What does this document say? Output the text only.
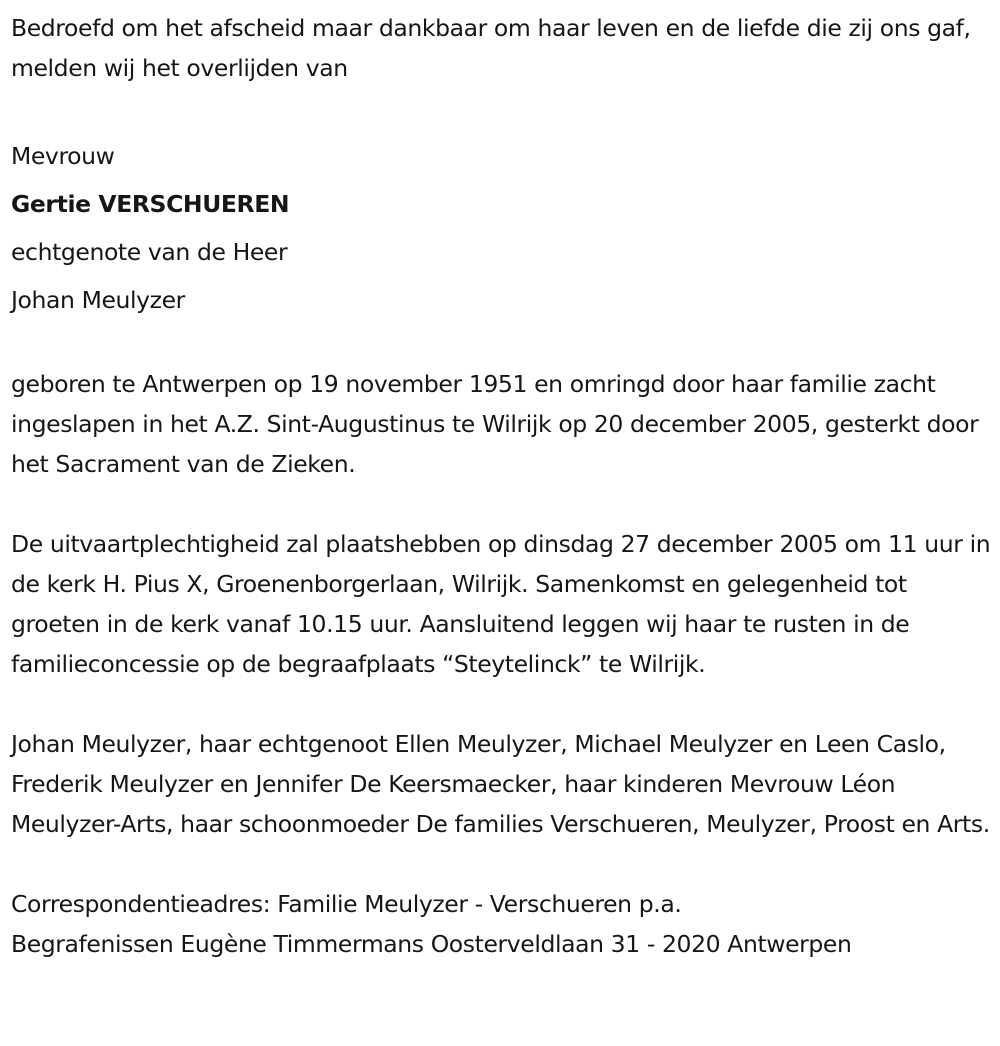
Bedroefd om het afscheid maar dankbaar om haar leven en de liefde die zij ons gaf, melden wij het overlijden van

Mevrouw

Gertie VERSCHUEREN

echtgenote van de Heer

Johan Meulyzer

geboren te Antwerpen op 19 november 1951 en omringd door haar familie zacht ingeslapen in het A.Z. Sint-Augustinus te Wilrijk op 20 december 2005, gesterkt door het Sacrament van de Zieken.

De uitvaartplechtigheid zal plaatshebben op dinsdag 27 december 2005 om 11 uur in de kerk H. Pius X, Groenenborgerlaan, Wilrijk. Samenkomst en gelegenheid tot groeten in de kerk vanaf 10.15 uur. Aansluitend leggen wij haar te rusten in de familieconcessie op de begraafplaats “Steytelinck” te Wilrijk.

Johan Meulyzer, haar echtgenoot Ellen Meulyzer, Michael Meulyzer en Leen Caslo, Frederik Meulyzer en Jennifer De Keersmaecker, haar kinderen Mevrouw Léon Meulyzer-Arts, haar schoonmoeder De families Verschueren, Meulyzer, Proost en Arts.

Correspondentieadres: Familie Meulyzer - Verschueren p.a.

Begrafenissen Eugène Timmermans Oosterveldlaan 31 - 2020 Antwerpen
